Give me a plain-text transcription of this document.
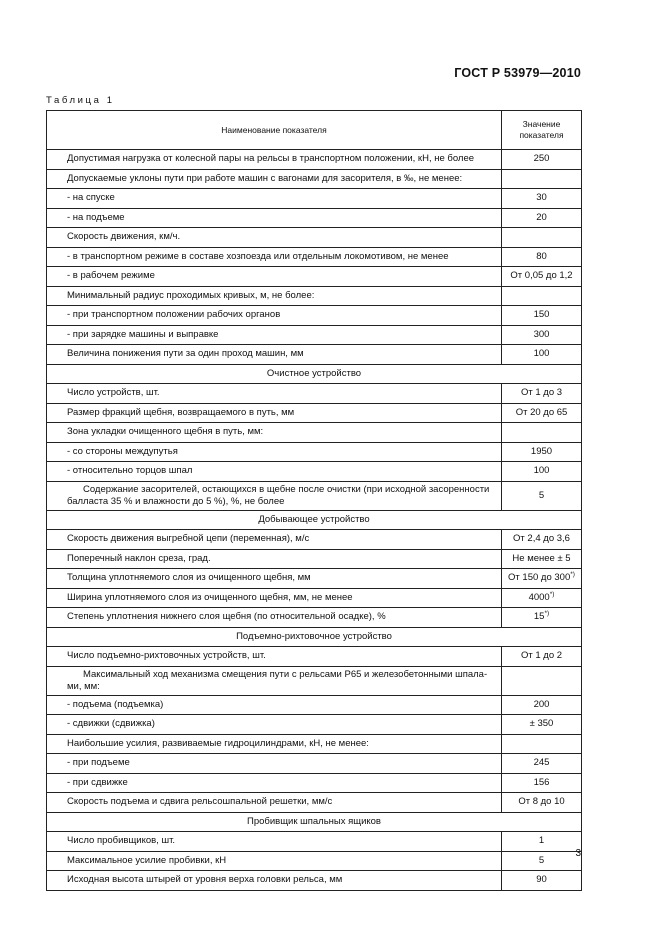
ГОСТ Р 53979—2010
Таблица 1
Наименование показателя	Значение показателя
Допустимая нагрузка от колесной пары на рельсы в транспортном положении, кН, не более	250
Допускаемые уклоны пути при работе машин с вагонами для засорителя, в ‰, не менее:	
- на спуске	30
- на подъеме	20
Скорость движения, км/ч.	
- в транспортном режиме в составе хозпоезда или отдельным локомотивом, не менее	80
- в рабочем режиме	От 0,05 до 1,2
Минимальный радиус проходимых кривых, м, не более:	
- при транспортном положении рабочих органов	150
- при зарядке машины и выправке	300
Величина понижения пути за один проход машин, мм	100
Очистное устройство	
Число устройств, шт.	От 1 до 3
Размер фракций щебня, возвращаемого в путь, мм	От 20 до 65
Зона укладки очищенного щебня в путь, мм:	
- со стороны междупутья	1950
- относительно торцов шпал	100
Содержание засорителей, остающихся в щебне после очистки (при исходной засоренности балласта 35 % и влажности до 5 %), %, не более	5
Добывающее устройство	
Скорость движения выгребной цепи (переменная), м/с	От 2,4 до 3,6
Поперечный наклон среза, град.	Не менее ± 5
Толщина уплотняемого слоя из очищенного щебня, мм	От 150 до 300*)
Ширина уплотняемого слоя из очищенного щебня, мм, не менее	4000*)
Степень уплотнения нижнего слоя щебня (по относительной осадке), %	15*)
Подъемно-рихтовочное устройство	
Число подъемно-рихтовочных устройств, шт.	От 1 до 2
Максимальный ход механизма смещения пути с рельсами Р65 и железобетонными шпала-ми, мм:	
- подъема (подъемка)	200
- сдвижки (сдвижка)	± 350
Наибольшие усилия, развиваемые гидроцилиндрами, кН, не менее:	
- при подъеме	245
- при сдвижке	156
Скорость подъема и сдвига рельсошпальной решетки, мм/с	От 8 до 10
Пробивщик шпальных ящиков	
Число пробивщиков, шт.	1
Максимальное усилие пробивки, кН	5
Исходная высота штырей от уровня верха головки рельса, мм	90
3
